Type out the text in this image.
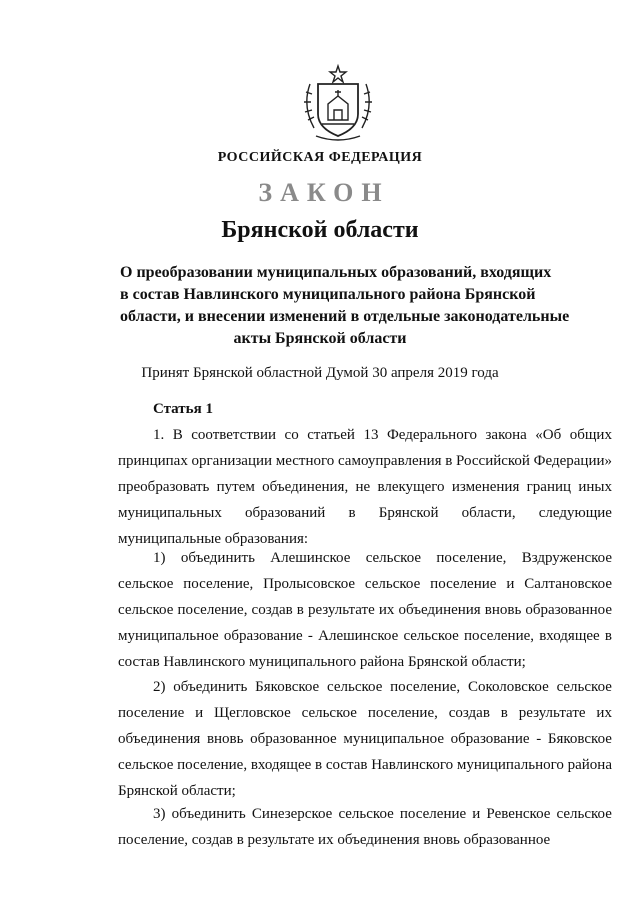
РОССИЙСКАЯ ФЕДЕРАЦИЯ

ЗАКОН

Брянской области

О преобразовании муниципальных образований, входящих
в состав Навлинского муниципального района Брянской
области, и внесении изменений в отдельные законодательные
акты Брянской области

Принят Брянской областной Думой 30 апреля 2019 года

Статья 1

1. В соответствии со статьей 13 Федерального закона «Об общих
принципах организации местного самоуправления в Российской Федерации»
преобразовать путем объединения, не влекущего изменения границ иных
муниципальных образований в Брянской области, следующие
муниципальные образования:
1) объединить Алешинское сельское поселение, Вздруженское
сельское поселение, Пролысовское сельское поселение и Салтановское
сельское поселение, создав в результате их объединения вновь образованное
муниципальное образование - Алешинское сельское поселение, входящее в
состав Навлинского муниципального района Брянской области;
2) объединить Бяковское сельское поселение, Соколовское сельское
поселение и Щегловское сельское поселение, создав в результате их
объединения вновь образованное муниципальное образование - Бяковское
сельское поселение, входящее в состав Навлинского муниципального района
Брянской области;
3) объединить Синезерское сельское поселение и Ревенское сельское
поселение, создав в результате их объединения вновь образованное
